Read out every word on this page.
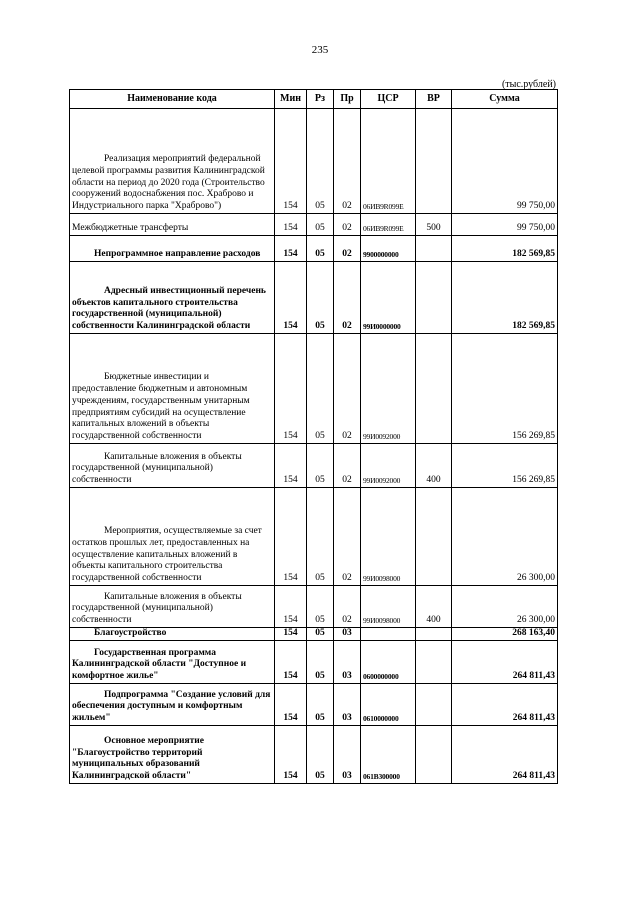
235
(тыс.рублей)
Наименование кода	Мин	Рз	Пр	ЦСР	ВР	Сумма
Реализация мероприятий федеральной целевой программы развития Калининградской области на период до 2020 года (Строительство сооружений водоснабжения пос. Храброво и Индустриального парка "Храброво")	154	05	02	06ИВ9R099Е		99 750,00
Межбюджетные трансферты	154	05	02	06ИВ9R099Е	500	99 750,00
Непрограммное направление расходов	154	05	02	9900000000		182 569,85
Адресный инвестиционный перечень объектов капитального строительства государственной (муниципальной) собственности Калининградской области	154	05	02	99И0000000		182 569,85
Бюджетные инвестиции и предоставление бюджетным и автономным учреждениям, государственным унитарным предприятиям субсидий на осуществление капитальных вложений в объекты государственной собственности	154	05	02	99И0092000		156 269,85
Капитальные вложения в объекты государственной (муниципальной) собственности	154	05	02	99И0092000	400	156 269,85
Мероприятия, осуществляемые за счет остатков прошлых лет, предоставленных на осуществление капитальных вложений в объекты капитального строительства государственной собственности	154	05	02	99И0098000		26 300,00
Капитальные вложения в объекты государственной (муниципальной) собственности	154	05	02	99И0098000	400	26 300,00
Благоустройство	154	05	03			268 163,40
Государственная программа Калининградской области "Доступное и комфортное жилье"	154	05	03	0600000000		264 811,43
Подпрограмма "Создание условий для обеспечения доступным и комфортным жильем"	154	05	03	0610000000		264 811,43
Основное мероприятие "Благоустройство территорий муниципальных образований Калининградской области"	154	05	03	061В300000		264 811,43
